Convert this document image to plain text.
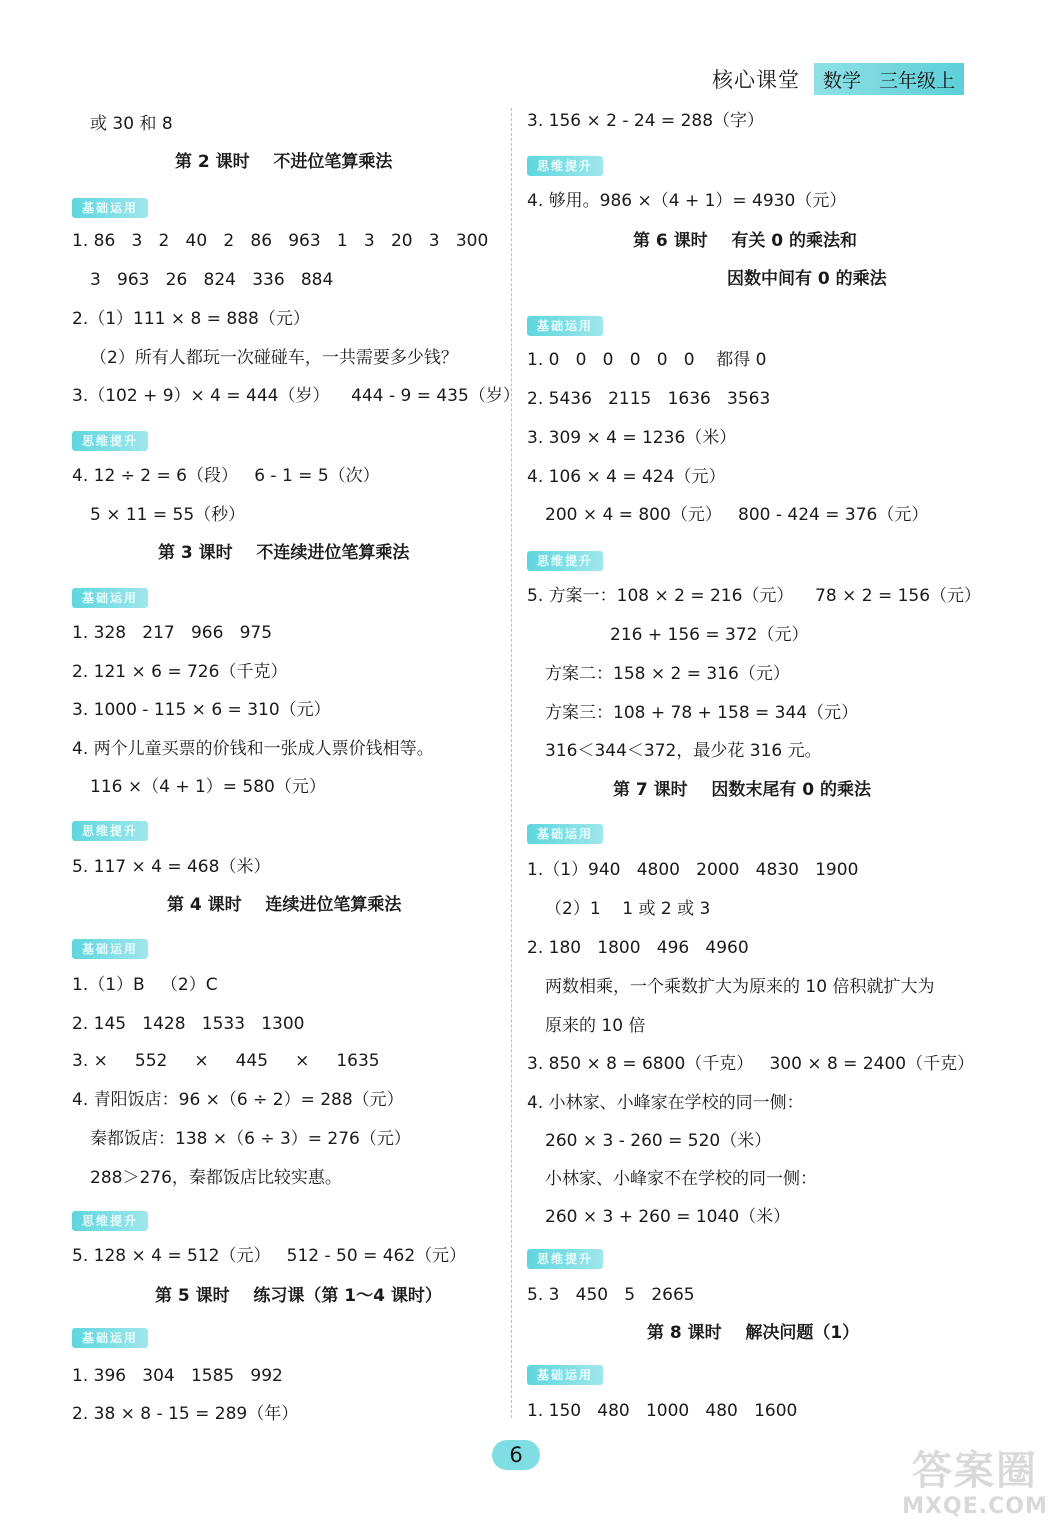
核心课堂	数学 三年级上
或 30 和 8
第 2 课时    不进位笔算乘法
基础运用
1. 86   3   2   40   2   86   963   1   3   20   3   300
3   963   26   824   336   884
2.（1）111 × 8 = 888（元）
（2）所有人都玩一次碰碰车，一共需要多少钱？
3.（102 + 9）× 4 = 444（岁）    444 - 9 = 435（岁）
思维提升
4. 12 ÷ 2 = 6（段）   6 - 1 = 5（次）
5 × 11 = 55（秒）
第 3 课时    不连续进位笔算乘法
基础运用
1. 328   217   966   975
2. 121 × 6 = 726（千克）
3. 1000 - 115 × 6 = 310（元）
4. 两个儿童买票的价钱和一张成人票价钱相等。
116 ×（4 + 1）= 580（元）
思维提升
5. 117 × 4 = 468（米）
第 4 课时    连续进位笔算乘法
基础运用
1.（1）B   （2）C
2. 145   1428   1533   1300
3. ×     552     ×     445     ×     1635
4. 青阳饭店：96 ×（6 ÷ 2）= 288（元）
秦都饭店：138 ×（6 ÷ 3）= 276（元）
288＞276，秦都饭店比较实惠。
思维提升
5. 128 × 4 = 512（元）   512 - 50 = 462（元）
第 5 课时    练习课（第 1～4 课时）
基础运用
1. 396   304   1585   992
2. 38 × 8 - 15 = 289（年）
3. 156 × 2 - 24 = 288（字）
思维提升
4. 够用。986 ×（4 + 1）= 4930（元）
第 6 课时    有关 0 的乘法和
因数中间有 0 的乘法
基础运用
1. 0   0   0   0   0   0    都得 0
2. 5436   2115   1636   3563
3. 309 × 4 = 1236（米）
4. 106 × 4 = 424（元）
200 × 4 = 800（元）   800 - 424 = 376（元）
思维提升
5. 方案一：108 × 2 = 216（元）    78 × 2 = 156（元）
216 + 156 = 372（元）
方案二：158 × 2 = 316（元）
方案三：108 + 78 + 158 = 344（元）
316＜344＜372，最少花 316 元。
第 7 课时    因数末尾有 0 的乘法
基础运用
1.（1）940   4800   2000   4830   1900
（2）1    1 或 2 或 3
2. 180   1800   496   4960
两数相乘，一个乘数扩大为原来的 10 倍积就扩大为
原来的 10 倍
3. 850 × 8 = 6800（千克）   300 × 8 = 2400（千克）
4. 小林家、小峰家在学校的同一侧：
260 × 3 - 260 = 520（米）
小林家、小峰家不在学校的同一侧：
260 × 3 + 260 = 1040（米）
思维提升
5. 3   450   5   2665
第 8 课时    解决问题（1）
基础运用
1. 150   480   1000   480   1600
6	答案圈
MXQE.COM
